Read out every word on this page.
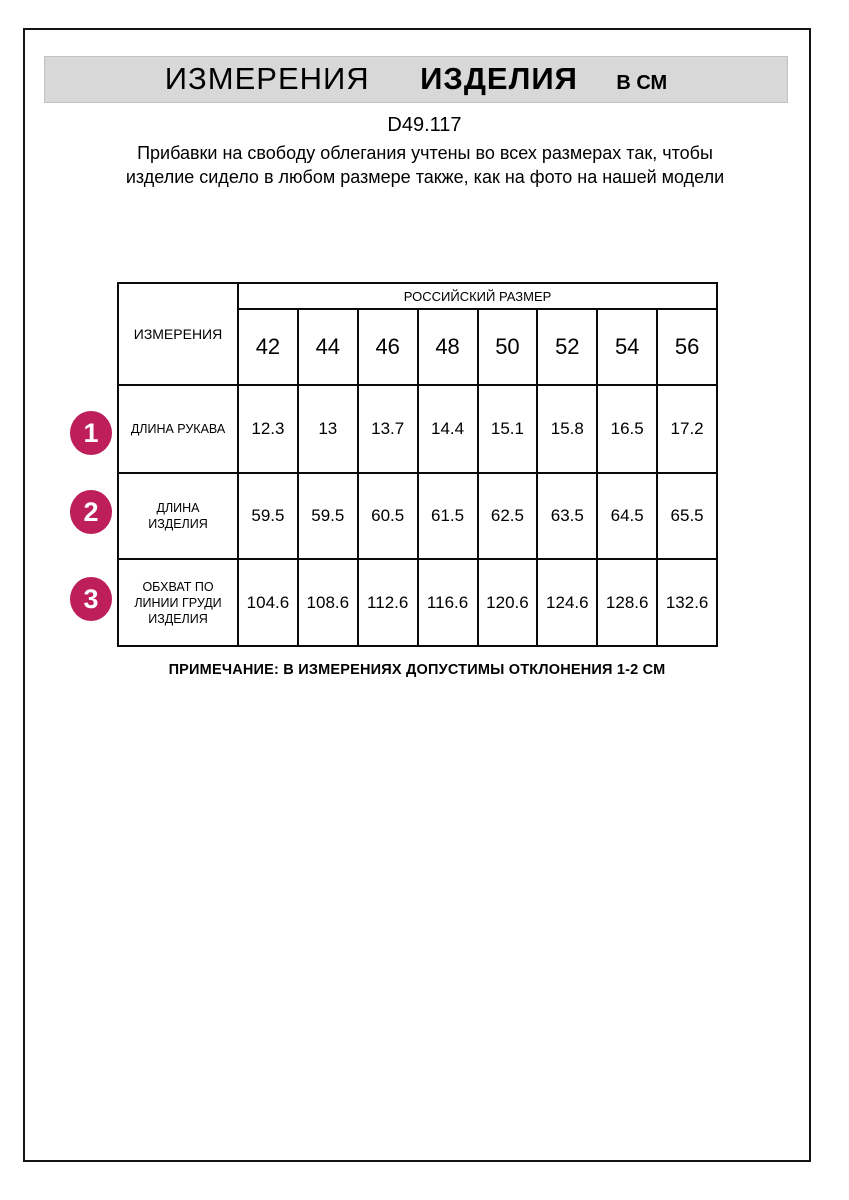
ИЗМЕРЕНИЯ ИЗДЕЛИЯ В СМ
D49.117
Прибавки на свободу облегания учтены во всех размерах так, чтобы изделие сидело в любом размере также, как на фото на нашей модели
ИЗМЕРЕНИЯ	РОССИЙСКИЙ РАЗМЕР							
	42	44	46	48	50	52	54	56
ДЛИНА РУКАВА	12.3	13	13.7	14.4	15.1	15.8	16.5	17.2
ДЛИНА ИЗДЕЛИЯ	59.5	59.5	60.5	61.5	62.5	63.5	64.5	65.5
ОБХВАТ ПО ЛИНИИ ГРУДИ ИЗДЕЛИЯ	104.6	108.6	112.6	116.6	120.6	124.6	128.6	132.6
1
2
3
ПРИМЕЧАНИЕ: В ИЗМЕРЕНИЯХ ДОПУСТИМЫ ОТКЛОНЕНИЯ 1-2 СМ
